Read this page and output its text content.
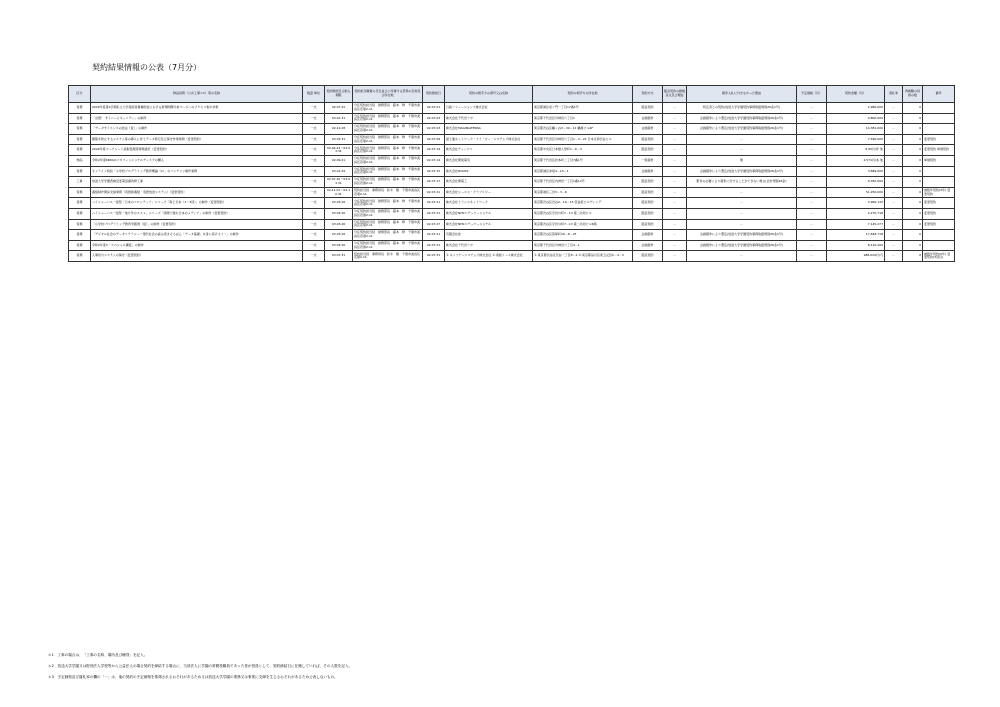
契約結果情報の公表（7月分）
区分	物品役務（公共工事＊1）等の名称	数量 単位	契約締結及び納入期限	契約担当職員の氏名並びに所属する部局の名称及び所在地	契約締結日	契約の相手方の商号又は名称	契約の相手方の所在地	契約方式	随意契約の根拠条文及び理由	競争入札に付さなかった理由	予定価格（円）	契約金額（円）	落札率	再就職の役員の数	備考
役務	2020年度第1学期私立大学等経常費補助金における新規問題分析ページへのアクセス集中対策	一式	02.07.22	分任契約担当役　財務部長　藤本　修　千葉市美浜区若葉2-11	02.07.01	日鉄ソリューションズ株式会社	東京都港区虎ノ門一丁目17番1号	随意契約	－	特定者との契約(放送大学学園契約事務取扱規則26条1号)	－	2,980,000	－	0	
役務	「言語！ サイバーセキュリティ」の制作	一式	03.01.31	分任契約担当役　財務部長　藤本　修　千葉市美浜区若葉2-11	02.07.03	株式会社千代田ラボ	東京都千代田区外神田六丁目1	企画競争	－	企画競争により選定(放送大学学園契約事務取扱規則26条1号)	－	9,800,000	－	0	
役務	「データサイエンスの技法（仮）」の制作	一式	02.12.28	分任契約担当役　財務部長　藤本　修　千葉市美浜区若葉2-11	02.07.03	株式会社MAGINIATERNA	東京都渋谷区幡ヶ谷3－30－11 幡屋ビル4F	企画競争	－	企画競争により選定(放送大学学園契約事務取扱規則26条1号)	－	14,381,000	－	0	
役務	閲覧を防止するシステム等の導入に伴うデータ移行及び保守作業業務（変更契約）	一式	03.03.31	分任契約担当役　財務部長　藤本　修　千葉市美浜区若葉2-11	02.07.09	富士通ネットワーク・アイ・ピー・システムズ株式会社	東京都千代田区外神田六丁目1－3－21 日本生命渋谷ビル	随意契約	－	－	－	7,590,000	－	0	変更契約
役務	2020年度マークシート読取処理等業務委託（変更契約）	一式	02.04.24～03.03.31	分任契約担当役　財務部長　藤本　修　千葉市美浜区若葉2-11	02.07.14	株式会社ティーツリ	東京都中央区日本橋人形町1－6－3	随意契約	－	－	－	6.00円/件 他	－	0	変更契約 単価契約
物品	令和2年度KDDI/Aプロフェッショナルディスクの購入	一式	02.09.21	分任契約担当役　財務部長　藤本　修　千葉市美浜区若葉2-11	02.07.14	株式会社関東電気	東京都千代田区岩本町二丁目7番1号	一般競争	－	無	－	2,571円/本 他	－	0	単価契約
役務	オンライン特設「小学校プログラミング教育概論（2）」のコンテンツ制作業務	一式	03.01.29	分任契約担当役　財務部長　藤本　修　千葉市美浜区若葉2-11	02.07.15	株式会社ROCKS	東京都港区赤坂4－15－1	企画競争	－	企画競争により選定(放送大学学園契約事務取扱規則26条1号)	－	3,889,000	－	0	
工事	放送大学学園西棟受変電設備改修工事	一式	02.07.20～03.03.31	分任契約担当役　財務部長　藤本　修　千葉市美浜区若葉2-11	02.07.17	株式会社関電工	東京都千代田区内神田一丁目1番12号	随意契約	－	緊急の必要により競争に付することができない場合(会計規程26条)	－	9,350,000	－	0	
役務	番組制作関係支援業務（英語新番組・英語放送システム）（変更契約）	一式	02.11.01～03.10.31	契約担当役　事務局長　鈴木　剛　千葉市美浜区若葉2-11	02.07.21	株式会社シーエス・クラブリジー	東京都港区三田3－3－6	随意契約	－	－	－	51,250,000	－	0	複数年契約(3年) 変更契約
役務	ハイシャーパス一括型「日本のフロンティア」シリーズ「海と日本（1～3回）」の制作（変更契約）	一式	03.03.26	分任契約担当役　財務部長　藤本　修　千葉市美浜区若葉2-11	02.07.21	株式会社トランスネットワーク	東京都渋谷区渋谷2－19－15 宮益坂ビルディング	随意契約	－	－	－	3,960,132	－	0	変更契約
役務	ハイシャーパス一括型「地方学のススメ」シリーズ「国策で進む日本のメディア」の制作（変更契約）	一式	03.03.26	分任契約担当役　財務部長　藤本　修　千葉市美浜区若葉2-11	02.07.21	株式会社NHKエデュケーショナル	東京都渋谷区宇田川町7－13 第二共同ビル	随意契約	－	－	－	2,270,718	－	0	変更契約
役務	「小学校プログラミング教育実践例（仮）」の制作（変更契約）	一式	03.03.26	分任契約担当役　財務部長　藤本　修　千葉市美浜区若葉2-11	02.07.27	株式会社NHKエデュケーショナル	東京都渋谷区宇田川町7－13 第二共同ビル6階	随意契約	－	－	－	7,145,277	－	0	変更契約
役務	「デジタル社会のデータリテラシー～現代社会の読み書きそろばん「データ基礎」を身に着けよう～」の制作	一式	03.03.26	分任契約担当役　財務部長　藤本　修　千葉市美浜区若葉2-11	02.07.21	有限会社桂	東京都渋谷区笹塚町16－8－2F	企画競争	－	企画競争により選定(放送大学学園契約事務取扱規則26条1号)	－	17,848,718	－	0	
役務	令和2年度3「スペシャル講座」の制作	一式	03.03.26	分任契約担当役　財務部長　藤本　修　千葉市美浜区若葉2-11	02.07.21	株式会社千代田ラボ	東京都千代田区外神田六丁目4－1	企画競争	－	企画競争により選定(放送大学学園契約事務取扱規則26条1号)	－	8,110,200	－	0	
役務	人事給与システムの保守（変更契約）	一式	03.07.31	契約担当役　事務局長　鈴木　剛　千葉市美浜区若葉2-11	02.07.31	①.ホッツゲーシステムズ株式会社 ②.南総リース株式会社	①.東京都渋谷区渋谷一丁目8－2 ②.東京都品川区東五反田2－4－3	随意契約	－	－	－	988,029円/月	－	0	複数年契約(5年) 変更契約(3回目)
＊1　工事の場合は、「工事の名称、場所及び種別」を記入。
＊2　放送大学学園又は財団法人学校等から公益法人の場合契約を締結する場合に、当該法人に学園の常勤役職員であった者が役員として、契約締結日に在籍していれば、その人数を記入。
＊3　予定価格及び落札率の欄の「－」は、他の契約の予定価格を推測されるおそれがあるため又は放送大学学園の業務又は事業に支障を生じるおそれがあるため公表しないもの。
